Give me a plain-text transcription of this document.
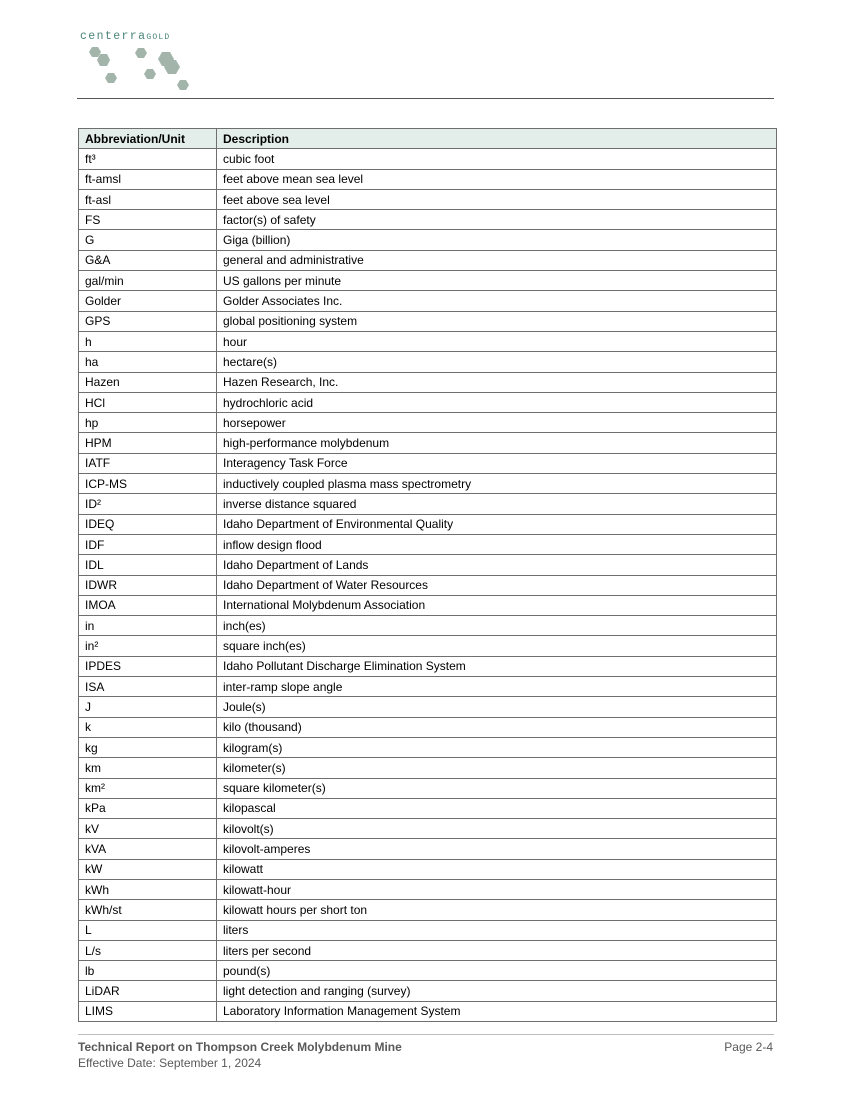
centerraGOLD
Abbreviation/Unit	Description
ft³	cubic foot
ft-amsl	feet above mean sea level
ft-asl	feet above sea level
FS	factor(s) of safety
G	Giga (billion)
G&A	general and administrative
gal/min	US gallons per minute
Golder	Golder Associates Inc.
GPS	global positioning system
h	hour
ha	hectare(s)
Hazen	Hazen Research, Inc.
HCl	hydrochloric acid
hp	horsepower
HPM	high-performance molybdenum
IATF	Interagency Task Force
ICP-MS	inductively coupled plasma mass spectrometry
ID²	inverse distance squared
IDEQ	Idaho Department of Environmental Quality
IDF	inflow design flood
IDL	Idaho Department of Lands
IDWR	Idaho Department of Water Resources
IMOA	International Molybdenum Association
in	inch(es)
in²	square inch(es)
IPDES	Idaho Pollutant Discharge Elimination System
ISA	inter-ramp slope angle
J	Joule(s)
k	kilo (thousand)
kg	kilogram(s)
km	kilometer(s)
km²	square kilometer(s)
kPa	kilopascal
kV	kilovolt(s)
kVA	kilovolt-amperes
kW	kilowatt
kWh	kilowatt-hour
kWh/st	kilowatt hours per short ton
L	liters
L/s	liters per second
lb	pound(s)
LiDAR	light detection and ranging (survey)
LIMS	Laboratory Information Management System
Technical Report on Thompson Creek Molybdenum Mine
Effective Date: September 1, 2024
Page 2-4
